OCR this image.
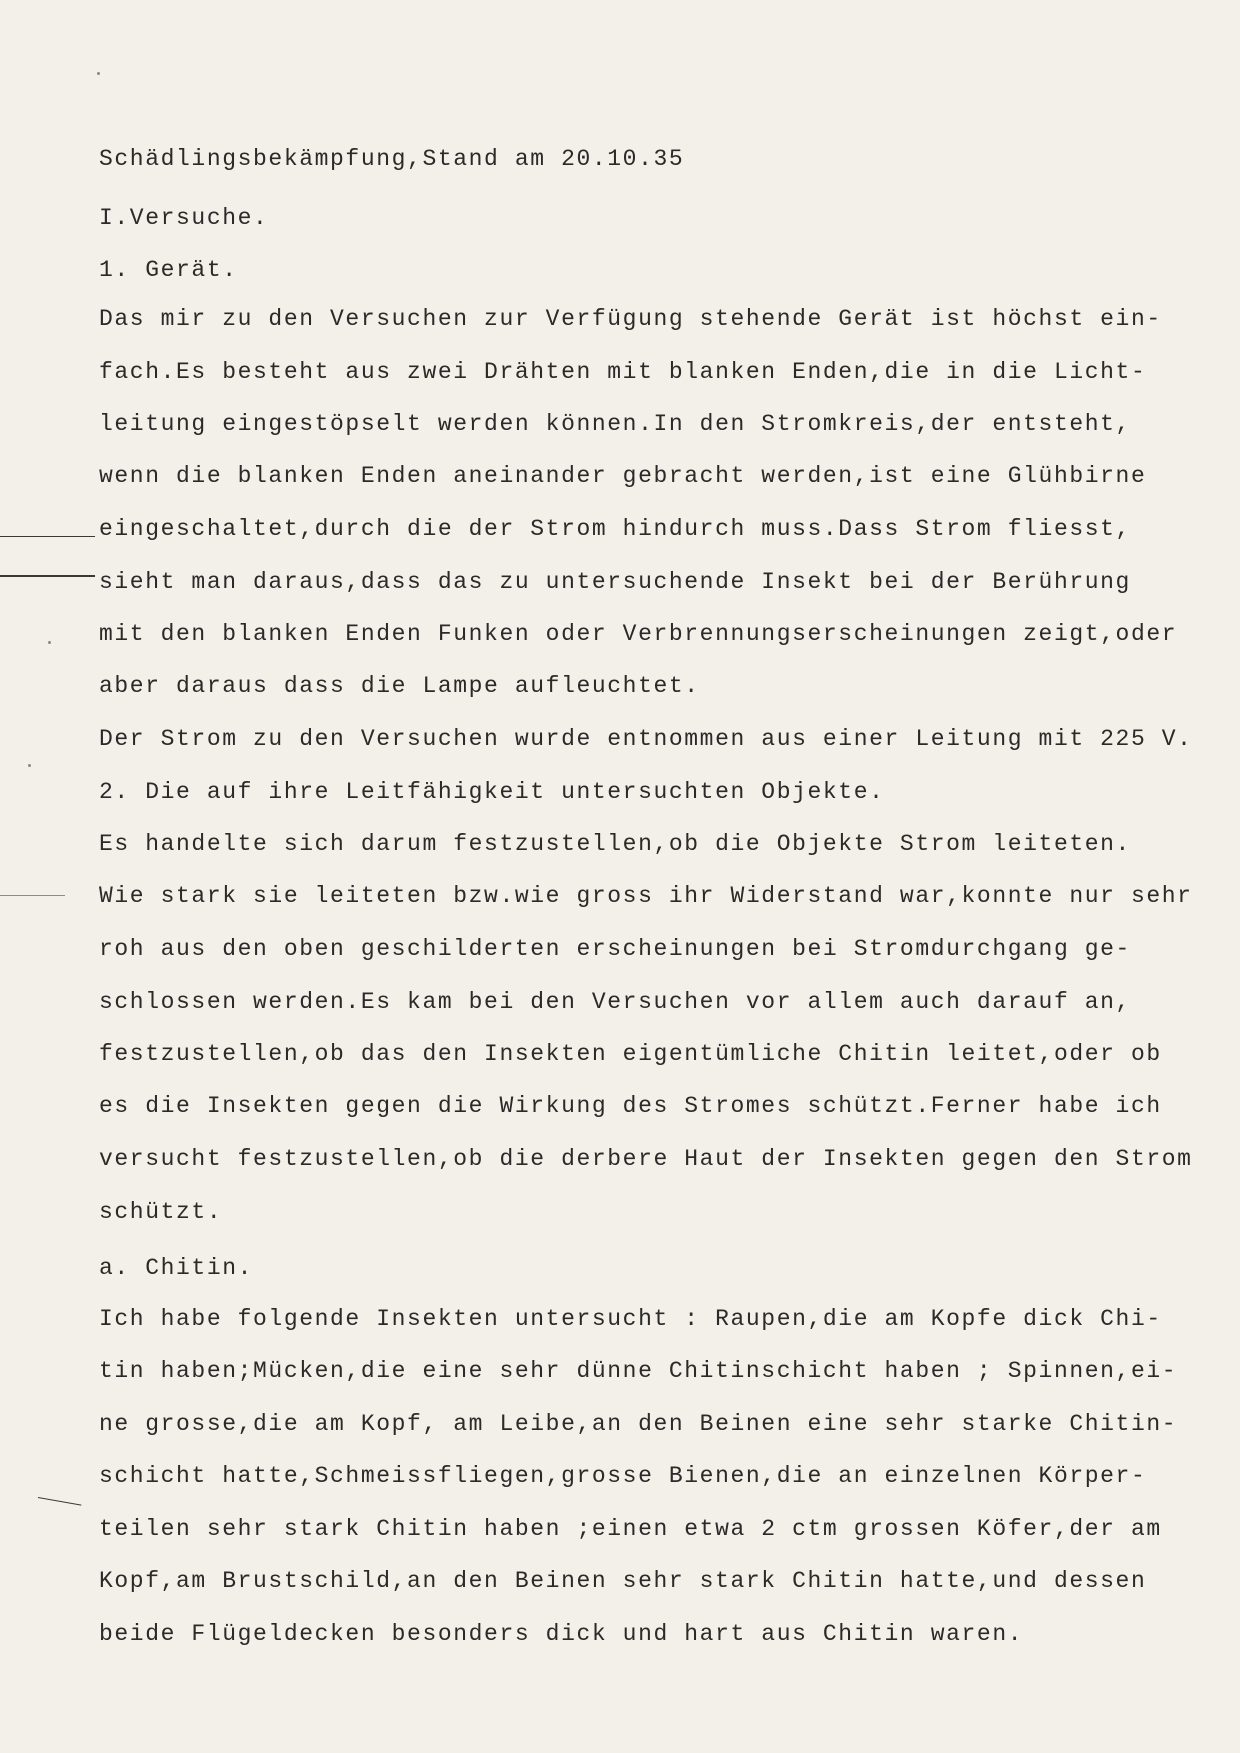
Schädlingsbekämpfung,Stand am 20.10.35
I.Versuche.
1. Gerät.
Das mir zu den Versuchen zur Verfügung stehende Gerät ist höchst ein-
fach.Es besteht aus zwei Drähten mit blanken Enden,die in die Licht-
leitung eingestöpselt werden können.In den Stromkreis,der entsteht,
wenn die blanken Enden aneinander gebracht werden,ist eine Glühbirne
eingeschaltet,durch die der Strom hindurch muss.Dass Strom fliesst,
sieht man daraus,dass das zu untersuchende Insekt bei der Berührung
mit den blanken Enden Funken oder Verbrennungserscheinungen zeigt,oder
aber daraus dass die Lampe aufleuchtet.
Der Strom zu den Versuchen wurde entnommen aus einer Leitung mit 225 V.
2. Die auf ihre Leitfähigkeit untersuchten Objekte.
Es handelte sich darum festzustellen,ob die Objekte Strom leiteten.
Wie stark sie leiteten bzw.wie gross ihr Widerstand war,konnte nur sehr
roh aus den oben geschilderten erscheinungen bei Stromdurchgang ge-
schlossen werden.Es kam bei den Versuchen vor allem auch darauf an,
festzustellen,ob das den Insekten eigentümliche Chitin leitet,oder ob
es die Insekten gegen die Wirkung des Stromes schützt.Ferner habe ich
versucht festzustellen,ob die derbere Haut der Insekten gegen den Strom
schützt.
a. Chitin.
Ich habe folgende Insekten untersucht : Raupen,die am Kopfe dick Chi-
tin haben;Mücken,die eine sehr dünne Chitinschicht haben ; Spinnen,ei-
ne grosse,die am Kopf, am Leibe,an den Beinen eine sehr starke Chitin-
schicht hatte,Schmeissfliegen,grosse Bienen,die an einzelnen Körper-
teilen sehr stark Chitin haben ;einen etwa 2 ctm grossen Köfer,der am
Kopf,am Brustschild,an den Beinen sehr stark Chitin hatte,und dessen
beide Flügeldecken besonders dick und hart aus Chitin waren.
